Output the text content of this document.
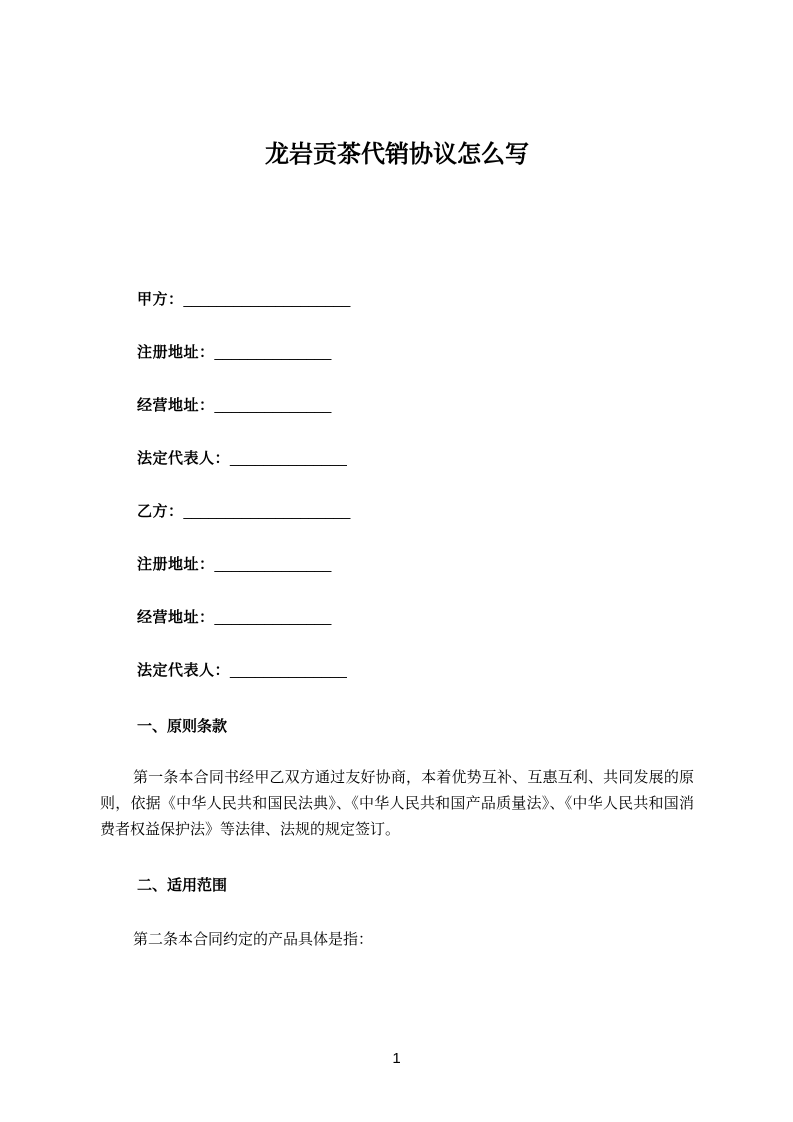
龙岩贡茶代销协议怎么写
甲方：____________________
注册地址：______________
经营地址：______________
法定代表人：______________
乙方：____________________
注册地址：______________
经营地址：______________
法定代表人：______________
一、原则条款

第一条本合同书经甲乙双方通过友好协商，本着优势互补、互惠互利、共同发展的原则，依据《中华人民共和国民法典》、《中华人民共和国产品质量法》、《中华人民共和国消费者权益保护法》等法律、法规的规定签订。

二、适用范围

第二条本合同约定的产品具体是指：

1
